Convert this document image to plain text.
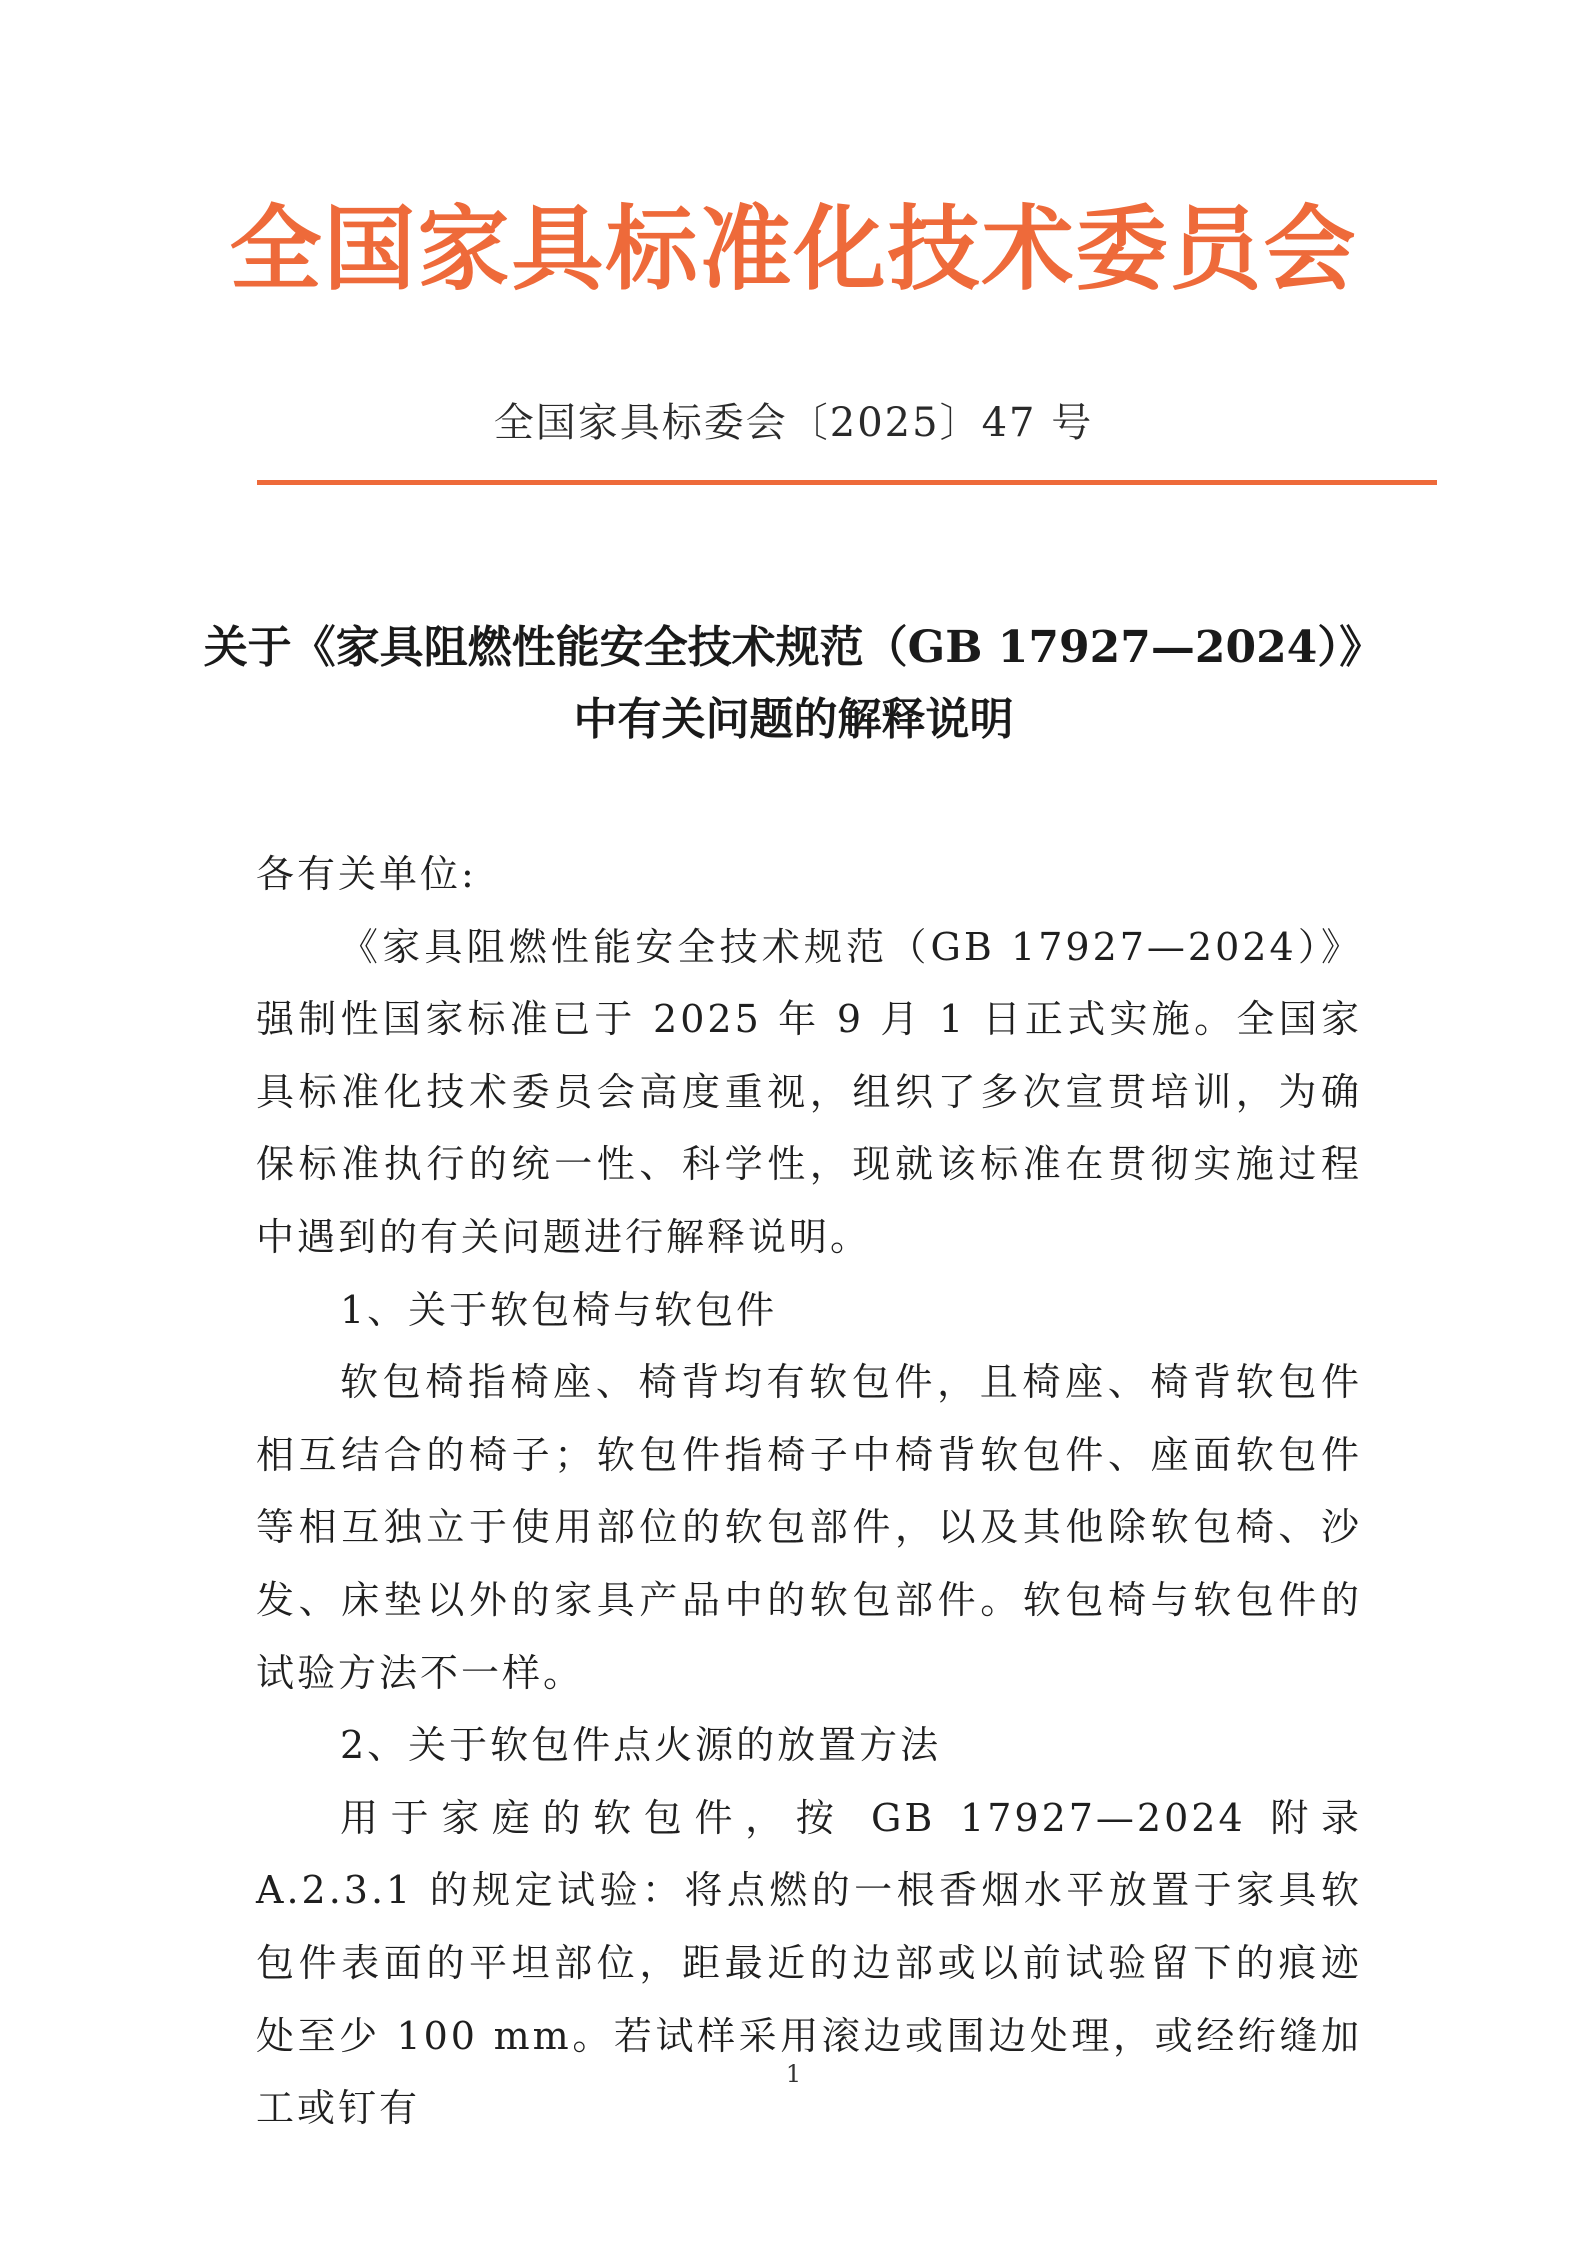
全国家具标准化技术委员会
全国家具标委会〔2025〕47 号
关于《家具阻燃性能安全技术规范（GB 17927—2024）》
中有关问题的解释说明

各有关单位:

《家具阻燃性能安全技术规范（GB 17927—2024）》强制性国家标准已于 2025 年 9 月 1 日正式实施。全国家具标准化技术委员会高度重视，组织了多次宣贯培训，为确保标准执行的统一性、科学性，现就该标准在贯彻实施过程中遇到的有关问题进行解释说明。

1、关于软包椅与软包件

软包椅指椅座、椅背均有软包件，且椅座、椅背软包件相互结合的椅子；软包件指椅子中椅背软包件、座面软包件等相互独立于使用部位的软包部件，以及其他除软包椅、沙发、床垫以外的家具产品中的软包部件。软包椅与软包件的试验方法不一样。

2、关于软包件点火源的放置方法

用于家庭的软包件，按 GB 17927—2024 附录 A.2.3.1 的规定试验：将点燃的一根香烟水平放置于家具软包件表面的平坦部位，距最近的边部或以前试验留下的痕迹处至少 100 mm。若试样采用滚边或围边处理，或经绗缝加工或钉有

1
